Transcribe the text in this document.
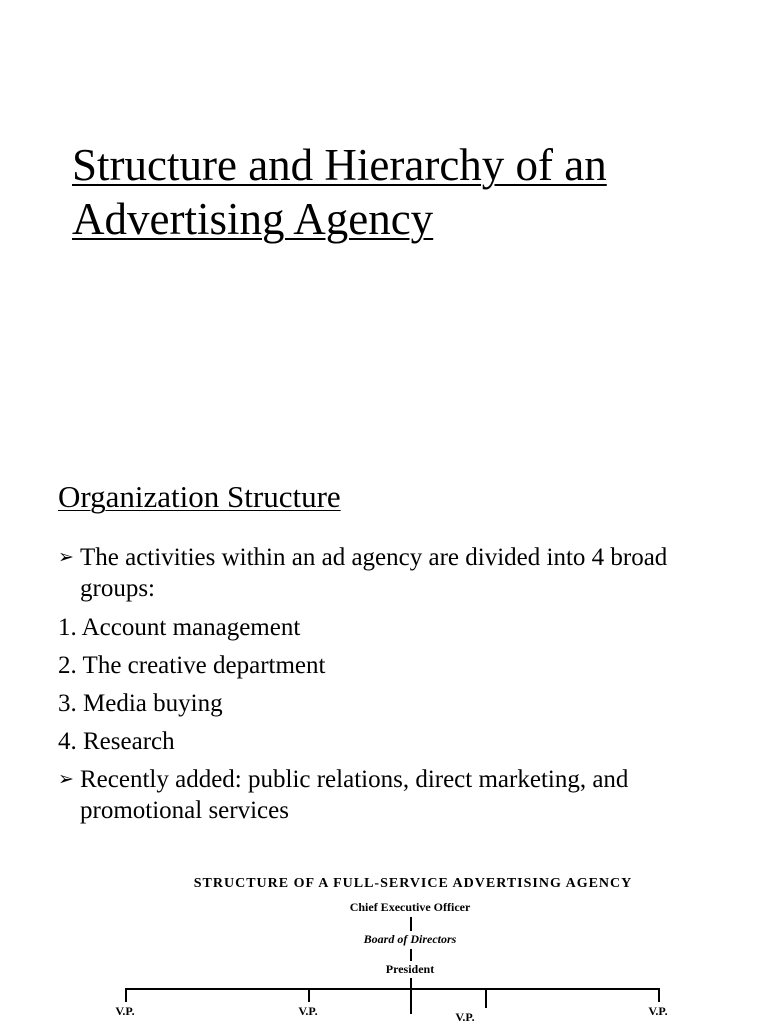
Structure and Hierarchy of an Advertising Agency
Organization Structure
➢ The activities within an ad agency are divided into 4 broad groups:
1. Account management
2. The creative department
3. Media buying
4. Research
➢ Recently added: public relations, direct marketing, and promotional services
STRUCTURE OF A FULL-SERVICE ADVERTISING AGENCY
Chief Executive Officer
Board of Directors
President
V.P.	V.P.	V.P.	V.P.
